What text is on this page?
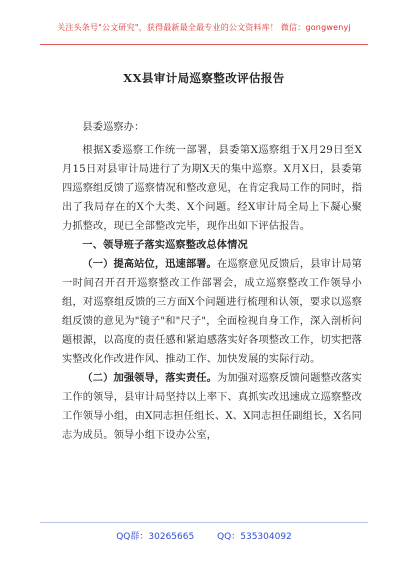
关注头条号"公文研究"，获得最新最全最专业的公文资料库！ 微信：gongwenyj
XX县审计局巡察整改评估报告

县委巡察办：

根据X委巡察工作统一部署，县委第X巡察组于X月29日至X月15日对县审计局进行了为期X天的集中巡察。X月X日，县委第四巡察组反馈了巡察情况和整改意见，在肯定我局工作的同时，指出了我局存在的X个大类、X个问题。经X审计局全局上下凝心聚力抓整改，现已全部整改完毕，现作出如下评估报告。

一、领导班子落实巡察整改总体情况

（一）提高站位，迅速部署。在巡察意见反馈后，县审计局第一时间召开召开巡察整改工作部署会，成立巡察整改工作领导小组，对巡察组反馈的三方面X个问题进行梳理和认领，要求以巡察组反馈的意见为"镜子"和"尺子"，全面检视自身工作，深入剖析问题根源，以高度的责任感和紧迫感落实好各项整改工作，切实把落实整改化作改进作风、推动工作、加快发展的实际行动。

（二）加强领导，落实责任。为加强对巡察反馈问题整改落实工作的领导，县审计局坚持以上率下、真抓实改迅速成立巡察整改工作领导小组，由X同志担任组长、X、X同志担任副组长，X名同志为成员。领导小组下设办公室，

QQ群：30265665	QQ：535304092
